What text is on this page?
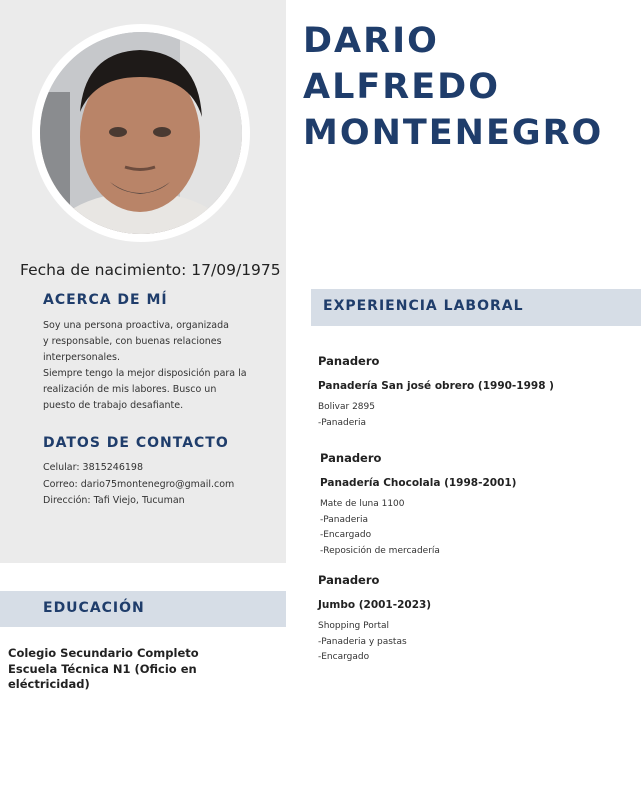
Fecha de nacimiento: 17/09/1975
ACERCA DE MÍ
Soy una persona proactiva, organizada
y responsable, con buenas relaciones
interpersonales.
Siempre tengo la mejor disposición para la
realización de mis labores. Busco un
puesto de trabajo desafiante.
DATOS DE CONTACTO
Celular: 3815246198
Correo: dario75montenegro@gmail.com
Dirección: Tafi Viejo, Tucuman
EDUCACIÓN
Colegio Secundario Completo
Escuela Técnica N1 (Oficio en
eléctricidad)
DARIO
ALFREDO
MONTENEGRO
EXPERIENCIA LABORAL
Panadero
Panadería San josé obrero (1990-1998 )
Bolivar 2895
-Panaderia
Panadero
Panadería Chocolala (1998-2001)
Mate de luna 1100
-Panaderia
-Encargado
-Reposición de mercadería
Panadero
Jumbo (2001-2023)
Shopping Portal
-Panaderia y pastas
-Encargado
